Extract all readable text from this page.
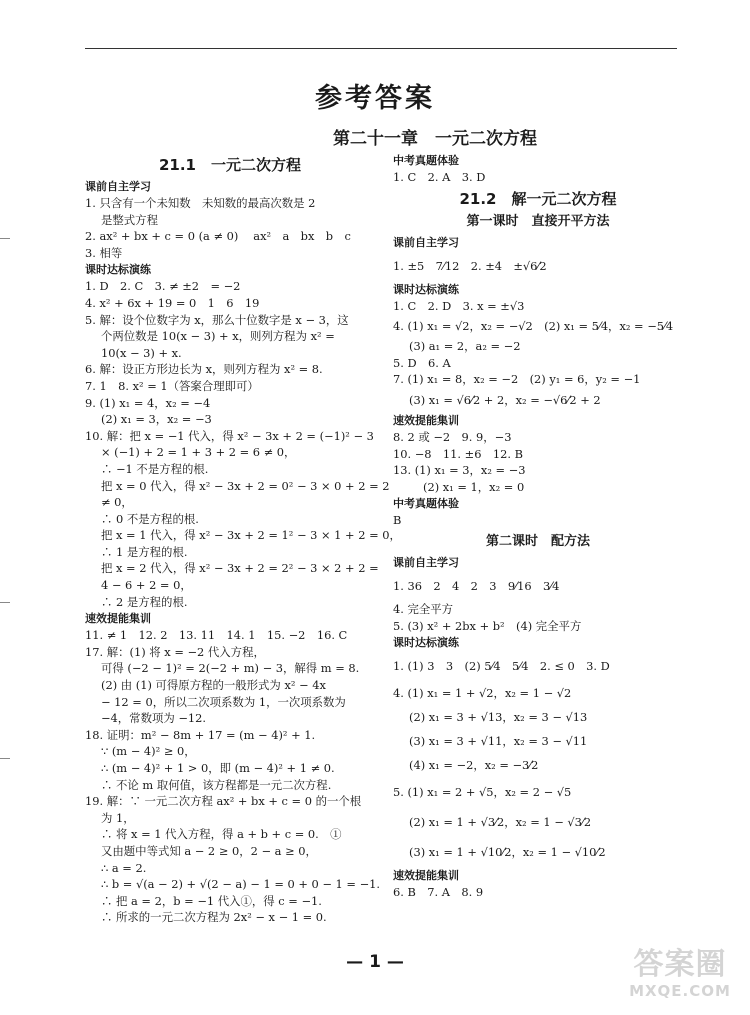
参考答案
第二十一章　一元二次方程
21.1　一元二次方程
课前自主学习
1. 只含有一个未知数　未知数的最高次数是 2
是整式方程
2. ax² + bx + c = 0 (a ≠ 0)　 ax²　a　bx　b　c
3. 相等
课时达标演练
1. D　2. C　3. ≠ ±2　= −2
4. x² + 6x + 19 = 0　1　6　19
5. 解：设个位数字为 x，那么十位数字是 x − 3，这
个两位数是 10(x − 3) + x，则列方程为 x² =
10(x − 3) + x.
6. 解：设正方形边长为 x，则列方程为 x² = 8.
7. 1　8. x² = 1（答案合理即可）
9. (1) x₁ = 4，x₂ = −4
(2) x₁ = 3，x₂ = −3
10. 解：把 x = −1 代入，得 x² − 3x + 2 = (−1)² − 3
× (−1) + 2 = 1 + 3 + 2 = 6 ≠ 0，
∴ −1 不是方程的根.
把 x = 0 代入，得 x² − 3x + 2 = 0² − 3 × 0 + 2 = 2
≠ 0，
∴ 0 不是方程的根.
把 x = 1 代入，得 x² − 3x + 2 = 1² − 3 × 1 + 2 = 0，
∴ 1 是方程的根.
把 x = 2 代入，得 x² − 3x + 2 = 2² − 3 × 2 + 2 =
4 − 6 + 2 = 0，
∴ 2 是方程的根.
速效提能集训
11. ≠ 1　12. 2　13. 11　14. 1　15. −2　16. C
17. 解：(1) 将 x = −2 代入方程，
可得 (−2 − 1)² = 2(−2 + m) − 3，解得 m = 8.
(2) 由 (1) 可得原方程的一般形式为 x² − 4x
− 12 = 0，所以二次项系数为 1，一次项系数为
−4，常数项为 −12.
18. 证明：m² − 8m + 17 = (m − 4)² + 1.
∵ (m − 4)² ≥ 0，
∴ (m − 4)² + 1 > 0，即 (m − 4)² + 1 ≠ 0.
∴ 不论 m 取何值，该方程都是一元二次方程.
19. 解：∵ 一元二次方程 ax² + bx + c = 0 的一个根
为 1，
∴ 将 x = 1 代入方程，得 a + b + c = 0.　①
又由题中等式知 a − 2 ≥ 0，2 − a ≥ 0，
∴ a = 2.
∴ b = √(a − 2) + √(2 − a) − 1 = 0 + 0 − 1 = −1.
∴ 把 a = 2，b = −1 代入①，得 c = −1.
∴ 所求的一元二次方程为 2x² − x − 1 = 0.
中考真题体验
1. C　2. A　3. D
21.2　解一元二次方程
第一课时　直接开平方法
课前自主学习
1. ±5　7⁄12　2. ±4　±√6⁄2
课时达标演练
1. C　2. D　3. x = ±√3
4. (1) x₁ = √2，x₂ = −√2　(2) x₁ = 5⁄4，x₂ = −5⁄4
(3) a₁ = 2，a₂ = −2
5. D　6. A
7. (1) x₁ = 8，x₂ = −2　(2) y₁ = 6，y₂ = −1
(3) x₁ = √6⁄2 + 2，x₂ = −√6⁄2 + 2
速效提能集训
8. 2 或 −2　9. 9，−3
10. −8　11. ±6　12. B
13. (1) x₁ = 3，x₂ = −3
(2) x₁ = 1，x₂ = 0
中考真题体验
B
第二课时　配方法
课前自主学习
1. 36　2　4　2　3　9⁄16　3⁄4
4. 完全平方
5. (3) x² + 2bx + b²　(4) 完全平方
课时达标演练
1. (1) 3　3　(2) 5⁄4　5⁄4　2. ≤ 0　3. D
4. (1) x₁ = 1 + √2，x₂ = 1 − √2
(2) x₁ = 3 + √13，x₂ = 3 − √13
(3) x₁ = 3 + √11，x₂ = 3 − √11
(4) x₁ = −2，x₂ = −3⁄2
5. (1) x₁ = 2 + √5，x₂ = 2 − √5
(2) x₁ = 1 + √3⁄2，x₂ = 1 − √3⁄2
(3) x₁ = 1 + √10⁄2，x₂ = 1 − √10⁄2
速效提能集训
6. B　7. A　8. 9
— 1 —	答案圈
MXQE.COM
